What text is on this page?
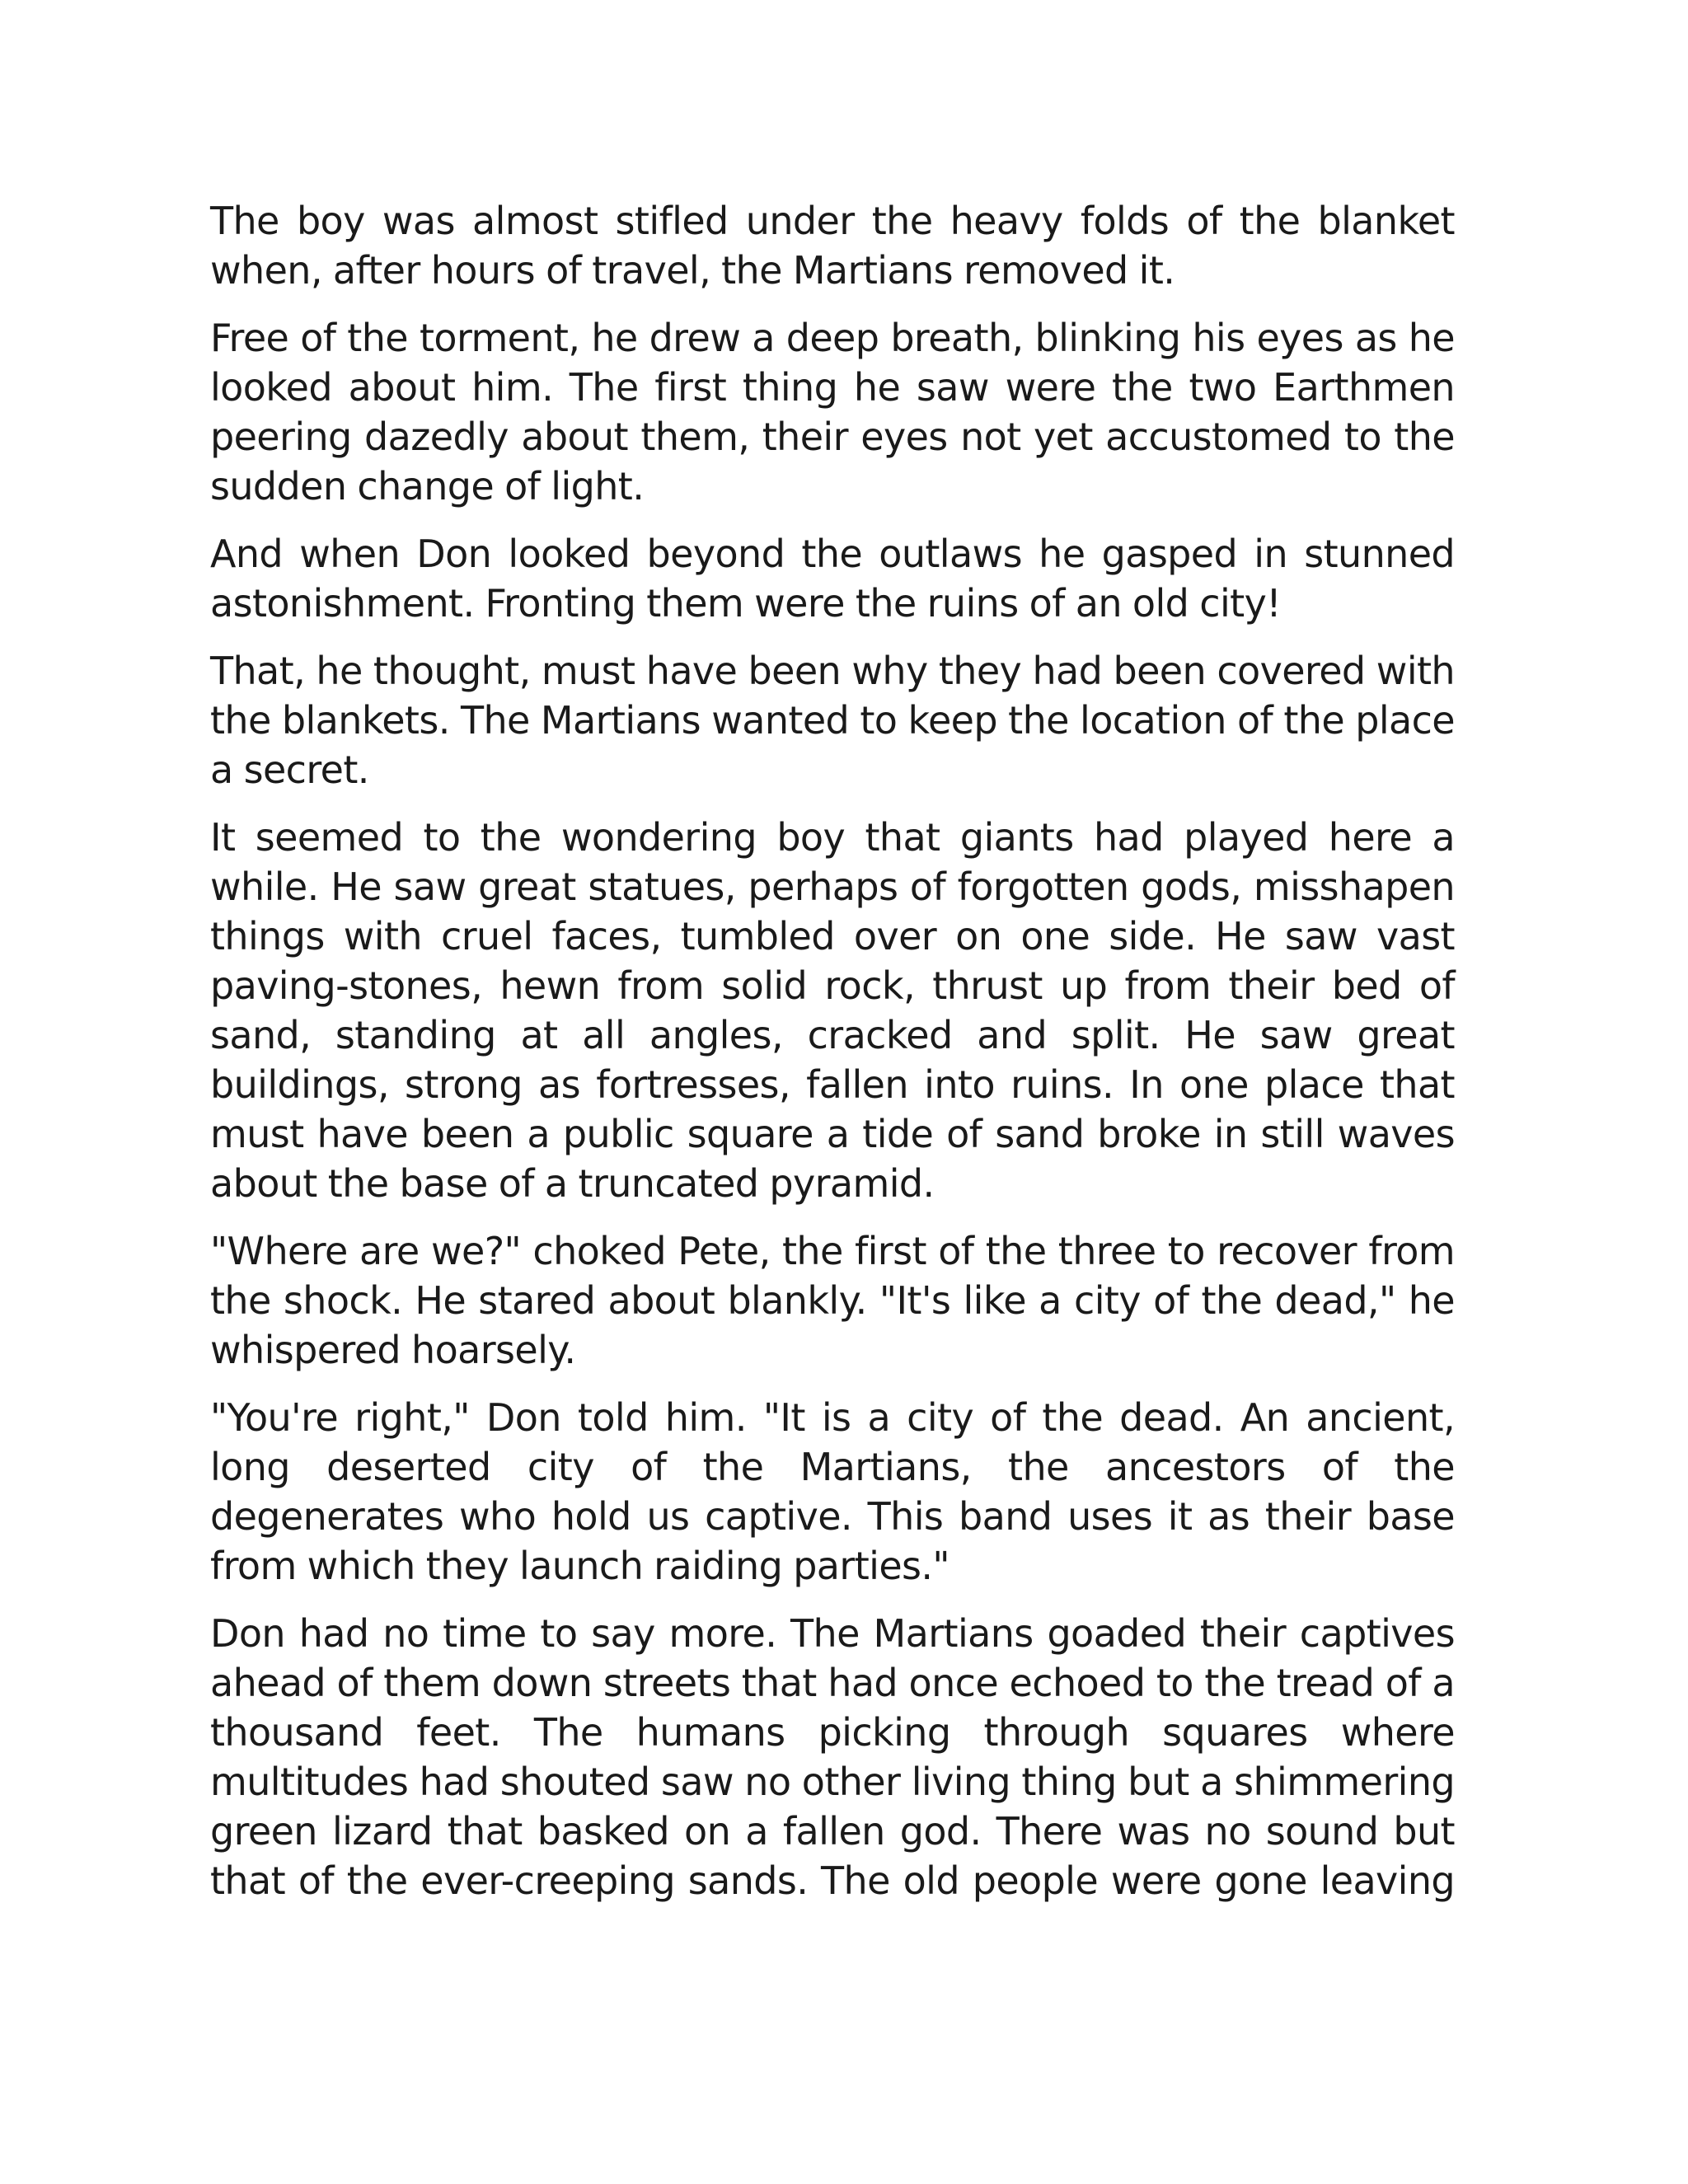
The boy was almost stifled under the heavy folds of the blanket when, after hours of travel, the Martians removed it.

Free of the torment, he drew a deep breath, blinking his eyes as he looked about him. The first thing he saw were the two Earthmen peering dazedly about them, their eyes not yet accustomed to the sudden change of light.

And when Don looked beyond the outlaws he gasped in stunned astonishment. Fronting them were the ruins of an old city!

That, he thought, must have been why they had been covered with the blankets. The Martians wanted to keep the location of the place a secret.

It seemed to the wondering boy that giants had played here a while. He saw great statues, perhaps of forgotten gods, misshapen things with cruel faces, tumbled over on one side. He saw vast paving-stones, hewn from solid rock, thrust up from their bed of sand, standing at all angles, cracked and split. He saw great buildings, strong as fortresses, fallen into ruins. In one place that must have been a public square a tide of sand broke in still waves about the base of a truncated pyramid.

"Where are we?" choked Pete, the first of the three to recover from the shock. He stared about blankly. "It's like a city of the dead," he whispered hoarsely.

"You're right," Don told him. "It is a city of the dead. An ancient, long deserted city of the Martians, the ancestors of the degenerates who hold us captive. This band uses it as their base from which they launch raiding parties."

Don had no time to say more. The Martians goaded their captives ahead of them down streets that had once echoed to the tread of a thousand feet. The humans picking through squares where multitudes had shouted saw no other living thing but a shimmering green lizard that basked on a fallen god. There was no sound but that of the ever-creeping sands. The old people were gone leaving
